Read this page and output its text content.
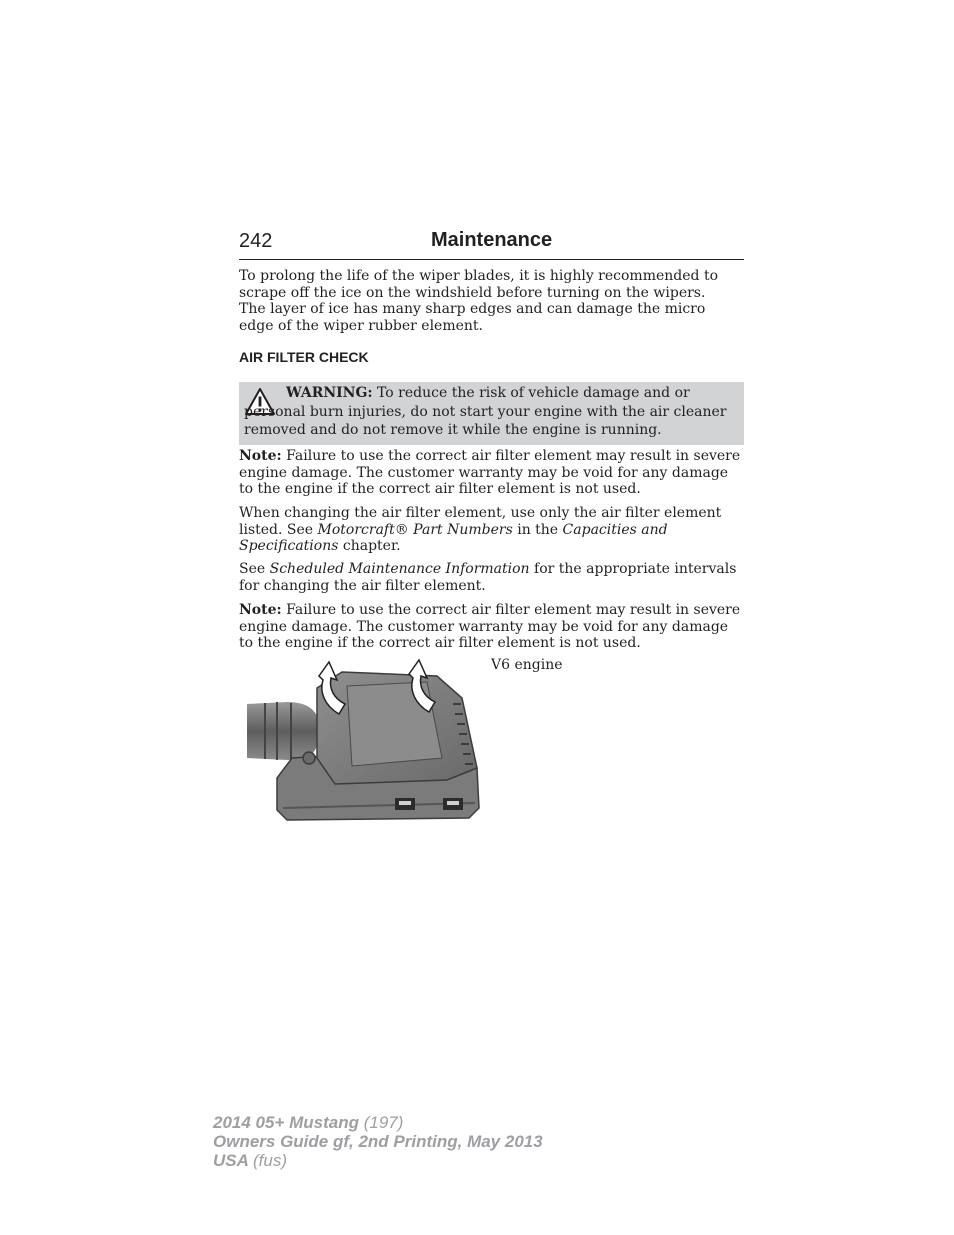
242	Maintenance

To prolong the life of the wiper blades, it is highly recommended to scrape off the ice on the windshield before turning on the wipers. The layer of ice has many sharp edges and can damage the micro edge of the wiper rubber element.

AIR FILTER CHECK

WARNING: To reduce the risk of vehicle damage and or personal burn injuries, do not start your engine with the air cleaner removed and do not remove it while the engine is running.

Note: Failure to use the correct air filter element may result in severe engine damage. The customer warranty may be void for any damage to the engine if the correct air filter element is not used.

When changing the air filter element, use only the air filter element listed. See Motorcraft® Part Numbers in the Capacities and Specifications chapter.

See Scheduled Maintenance Information for the appropriate intervals for changing the air filter element.

Note: Failure to use the correct air filter element may result in severe engine damage. The customer warranty may be void for any damage to the engine if the correct air filter element is not used.

V6 engine

2014 05+ Mustang (197)
Owners Guide gf, 2nd Printing, May 2013
USA (fus)
